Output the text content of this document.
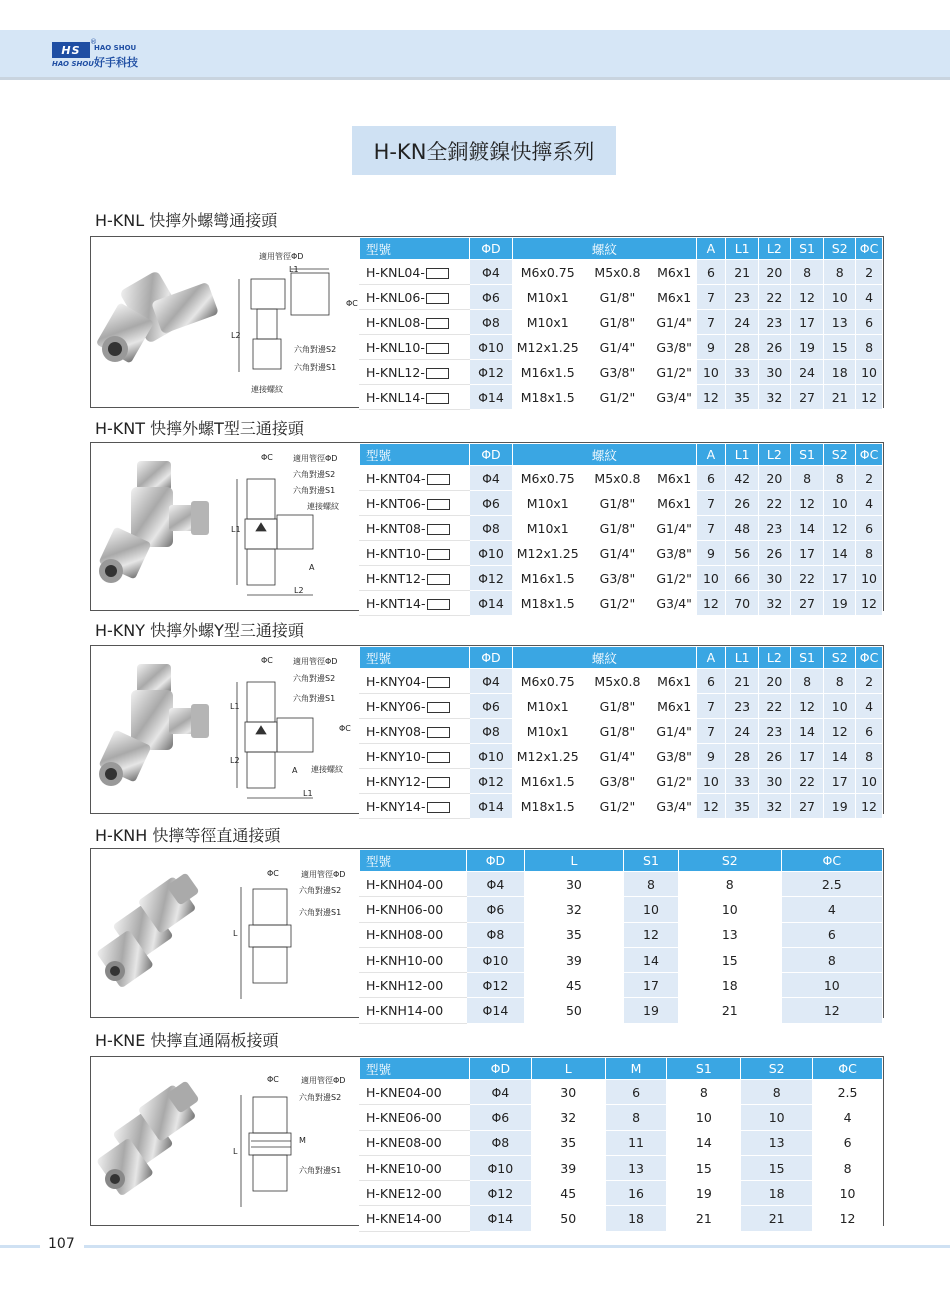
HS
®
HAO SHOU
HAO SHOU 好手科技
H-KN全銅鍍鎳快擰系列
H-KNL 快擰外螺彎通接頭
適用管徑ΦD
L1
ΦC
L2
六角對邊S2
六角對邊S1
連接螺紋
型號	ΦD	螺紋			A	L1	L2	S1	S2	ΦC
H-KNL04-	Φ4	M6x0.75	M5x0.8	M6x1	6	21	20	8	8	2
H-KNL06-	Φ6	M10x1	G1/8"	M6x1	7	23	22	12	10	4
H-KNL08-	Φ8	M10x1	G1/8"	G1/4"	7	24	23	17	13	6
H-KNL10-	Φ10	M12x1.25	G1/4"	G3/8"	9	28	26	19	15	8
H-KNL12-	Φ12	M16x1.5	G3/8"	G1/2"	10	33	30	24	18	10
H-KNL14-	Φ14	M18x1.5	G1/2"	G3/4"	12	35	32	27	21	12
H-KNT 快擰外螺T型三通接頭
ΦC	適用管徑ΦD
六角對邊S2
六角對邊S1
連接螺紋
L1
A
L2
型號	ΦD	螺紋			A	L1	L2	S1	S2	ΦC
H-KNT04-	Φ4	M6x0.75	M5x0.8	M6x1	6	42	20	8	8	2
H-KNT06-	Φ6	M10x1	G1/8"	M6x1	7	26	22	12	10	4
H-KNT08-	Φ8	M10x1	G1/8"	G1/4"	7	48	23	14	12	6
H-KNT10-	Φ10	M12x1.25	G1/4"	G3/8"	9	56	26	17	14	8
H-KNT12-	Φ12	M16x1.5	G3/8"	G1/2"	10	66	30	22	17	10
H-KNT14-	Φ14	M18x1.5	G1/2"	G3/4"	12	70	32	27	19	12
H-KNY 快擰外螺Y型三通接頭
ΦC	適用管徑ΦD
六角對邊S2
六角對邊S1
L1
ΦC
L2
A 連接螺紋
L1
型號	ΦD	螺紋			A	L1	L2	S1	S2	ΦC
H-KNY04-	Φ4	M6x0.75	M5x0.8	M6x1	6	21	20	8	8	2
H-KNY06-	Φ6	M10x1	G1/8"	M6x1	7	23	22	12	10	4
H-KNY08-	Φ8	M10x1	G1/8"	G1/4"	7	24	23	14	12	6
H-KNY10-	Φ10	M12x1.25	G1/4"	G3/8"	9	28	26	17	14	8
H-KNY12-	Φ12	M16x1.5	G3/8"	G1/2"	10	33	30	22	17	10
H-KNY14-	Φ14	M18x1.5	G1/2"	G3/4"	12	35	32	27	19	12
H-KNH 快擰等徑直通接頭
ΦC	適用管徑ΦD
六角對邊S2
六角對邊S1
L
型號	ΦD	L	S1	S2	ΦC
H-KNH04-00	Φ4	30	8	8	2.5
H-KNH06-00	Φ6	32	10	10	4
H-KNH08-00	Φ8	35	12	13	6
H-KNH10-00	Φ10	39	14	15	8
H-KNH12-00	Φ12	45	17	18	10
H-KNH14-00	Φ14	50	19	21	12
H-KNE 快擰直通隔板接頭
ΦC	適用管徑ΦD
六角對邊S2
M
L
六角對邊S1
型號	ΦD	L	M	S1	S2	ΦC
H-KNE04-00	Φ4	30	6	8	8	2.5
H-KNE06-00	Φ6	32	8	10	10	4
H-KNE08-00	Φ8	35	11	14	13	6
H-KNE10-00	Φ10	39	13	15	15	8
H-KNE12-00	Φ12	45	16	19	18	10
H-KNE14-00	Φ14	50	18	21	21	12
107
